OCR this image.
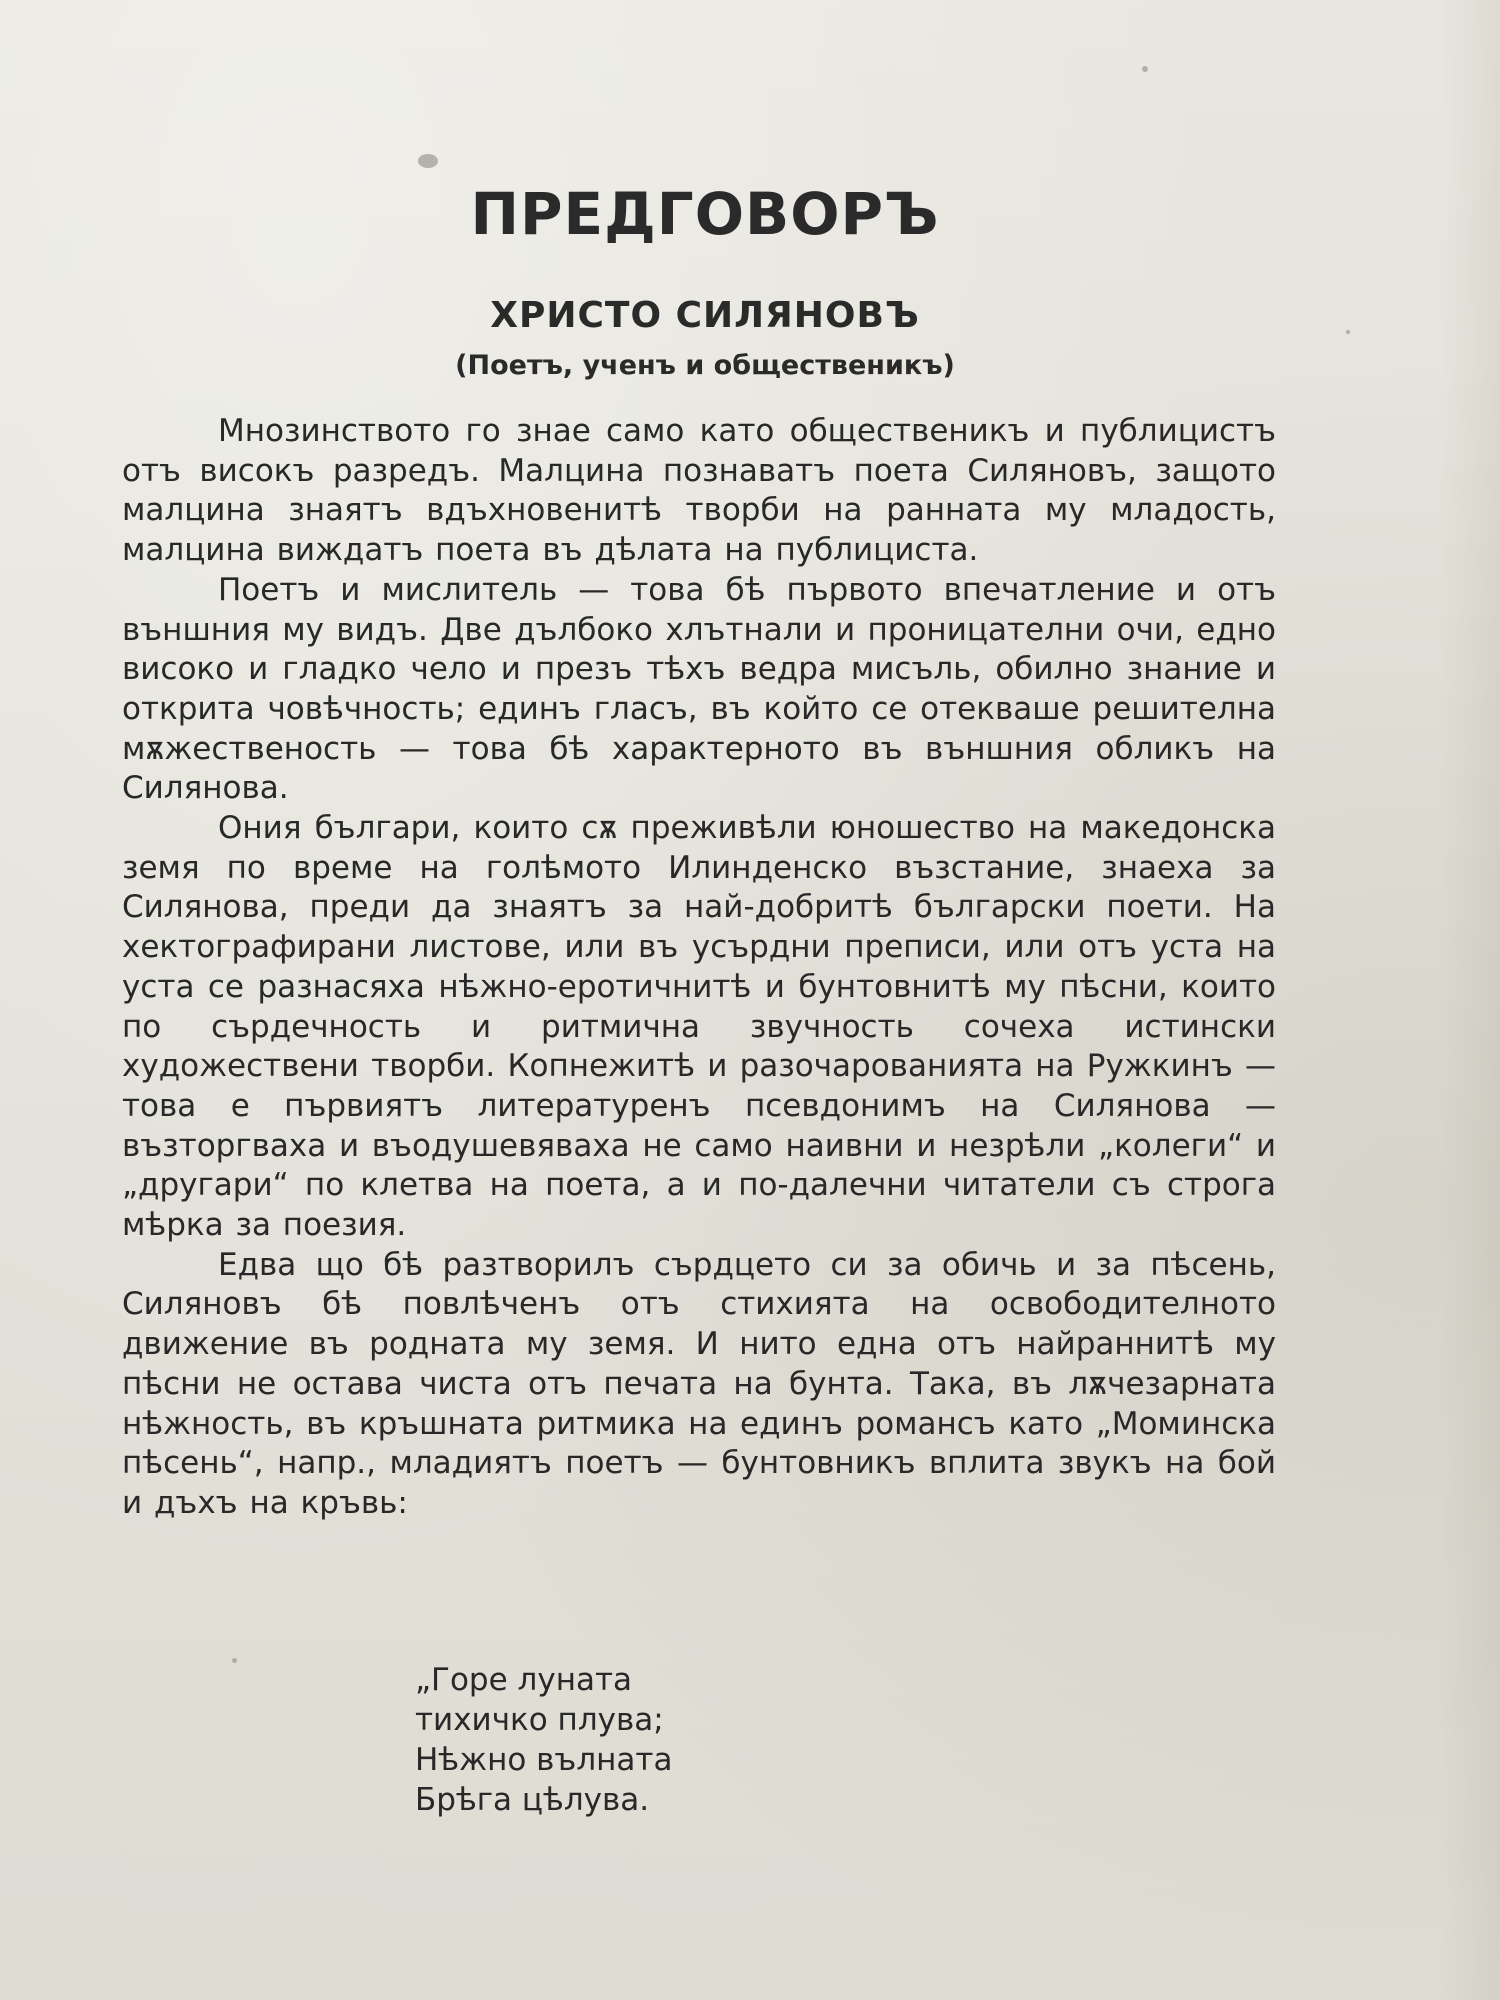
ПРЕДГОВОРЪ
ХРИСТО СИЛЯНОВЪ
(Поетъ, ученъ и общественикъ)

Мнозинството го знае само като общественикъ и публицистъ отъ високъ разредъ. Малцина познаватъ поета Силяновъ, защото малцина знаятъ вдъхновенитѣ творби на ранната му младость, малцина виждатъ поета въ дѣлата на публициста.

Поетъ и мислитель — това бѣ първото впечатление и отъ външния му видъ. Две дълбоко хлътнали и проницателни очи, едно високо и гладко чело и презъ тѣхъ ведра мисъль, обилно знание и открита човѣчность; единъ гласъ, въ който се отекваше решителна мѫжественость — това бѣ характерното въ външния обликъ на Силянова.

Ония българи, които сѫ преживѣли юношество на македонска земя по време на голѣмото Илинденско възстание, знаеха за Силянова, преди да знаятъ за най-добритѣ български поети. На хектографирани листове, или въ усърдни преписи, или отъ уста на уста се разнасяха нѣжно-еротичнитѣ и бунтовнитѣ му пѣсни, които по сърдечность и ритмична звучность сочеха истински художествени творби. Копнежитѣ и разочарованията на Ружкинъ — това е първиятъ литературенъ псевдонимъ на Силянова — възторгваха и въодушевяваха не само наивни и незрѣли „колеги“ и „другари“ по клетва на поета, а и по-далечни читатели съ строга мѣрка за поезия.

Едва що бѣ разтворилъ сърдцето си за обичь и за пѣсень, Силяновъ бѣ повлѣченъ отъ стихията на освободителното движение въ родната му земя. И нито една отъ найраннитѣ му пѣсни не остава чиста отъ печата на бунта. Така, въ лѫчезарната нѣжность, въ кръшната ритмика на единъ романсъ като „Моминска пѣсень“, напр., младиятъ поетъ — бунтовникъ вплита звукъ на бой и дъхъ на кръвь:

„Горе луната
тихичко плува;
Нѣжно вълната
Брѣга цѣлува.
